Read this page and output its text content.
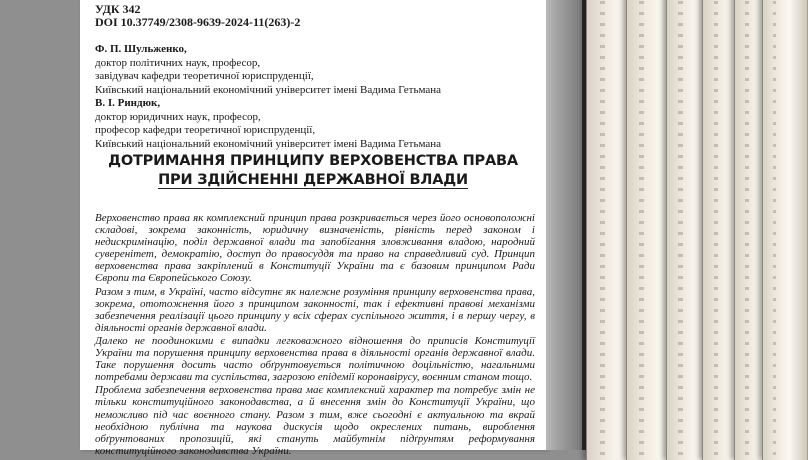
УДК 342
DOI 10.37749/2308-9639-2024-11(263)-2
Ф. П. Шульженко,
доктор політичних наук, професор,
завідувач кафедри теоретичної юриспруденції,
Київський національний економічний університет імені Вадима Гетьмана
В. І. Риндюк,
доктор юридичних наук, професор,
професор кафедри теоретичної юриспруденції,
Київський національний економічний університет імені Вадима Гетьмана
ДОТРИМАННЯ ПРИНЦИПУ ВЕРХОВЕНСТВА ПРАВА
ПРИ ЗДІЙСНЕННІ ДЕРЖАВНОЇ ВЛАДИ

Верховенство права як комплексний принцип права розкривається через його основоположні складові, зокрема законність, юридичну визначеність, рівність перед законом і недискримінацію, поділ державної влади та запобігання зловживання владою, народний суверенітет, демократію, доступ до правосуддя та право на справедливий суд. Принцип верховенства права закріплений в Конституції України та є базовим принципом Ради Європи та Європейського Союзу.

Разом з тим, в Україні, часто відсутнє як належне розуміння принципу верховенства права, зокрема, ототожнення його з принципом законності, так і ефективні правові механізми забезпечення реалізації цього принципу у всіх сферах суспільного життя, і в першу чергу, в діяльності органів державної влади.

Далеко не поодинокими є випадки легковажного відношення до приписів Конституції України та порушення принципу верховенства права в діяльності органів державної влади. Таке порушення досить часто обґрунтовується політичною доцільністю, нагальними потребами держави та суспільства, загрозою епідемії коронавірусу, воєнним станом тощо.

Проблема забезпечення верховенства права має комплексний характер та потребує змін не тільки конституційного законодавства, а й внесення змін до Конституції України, що неможливо під час воєнного стану. Разом з тим, вже сьогодні є актуальною та вкрай необхідною публічна та наукова дискусія щодо окреслених питань, вироблення обґрунтованих пропозицій, які стануть майбутнім підґрунтям реформування конституційного законодавства України.
